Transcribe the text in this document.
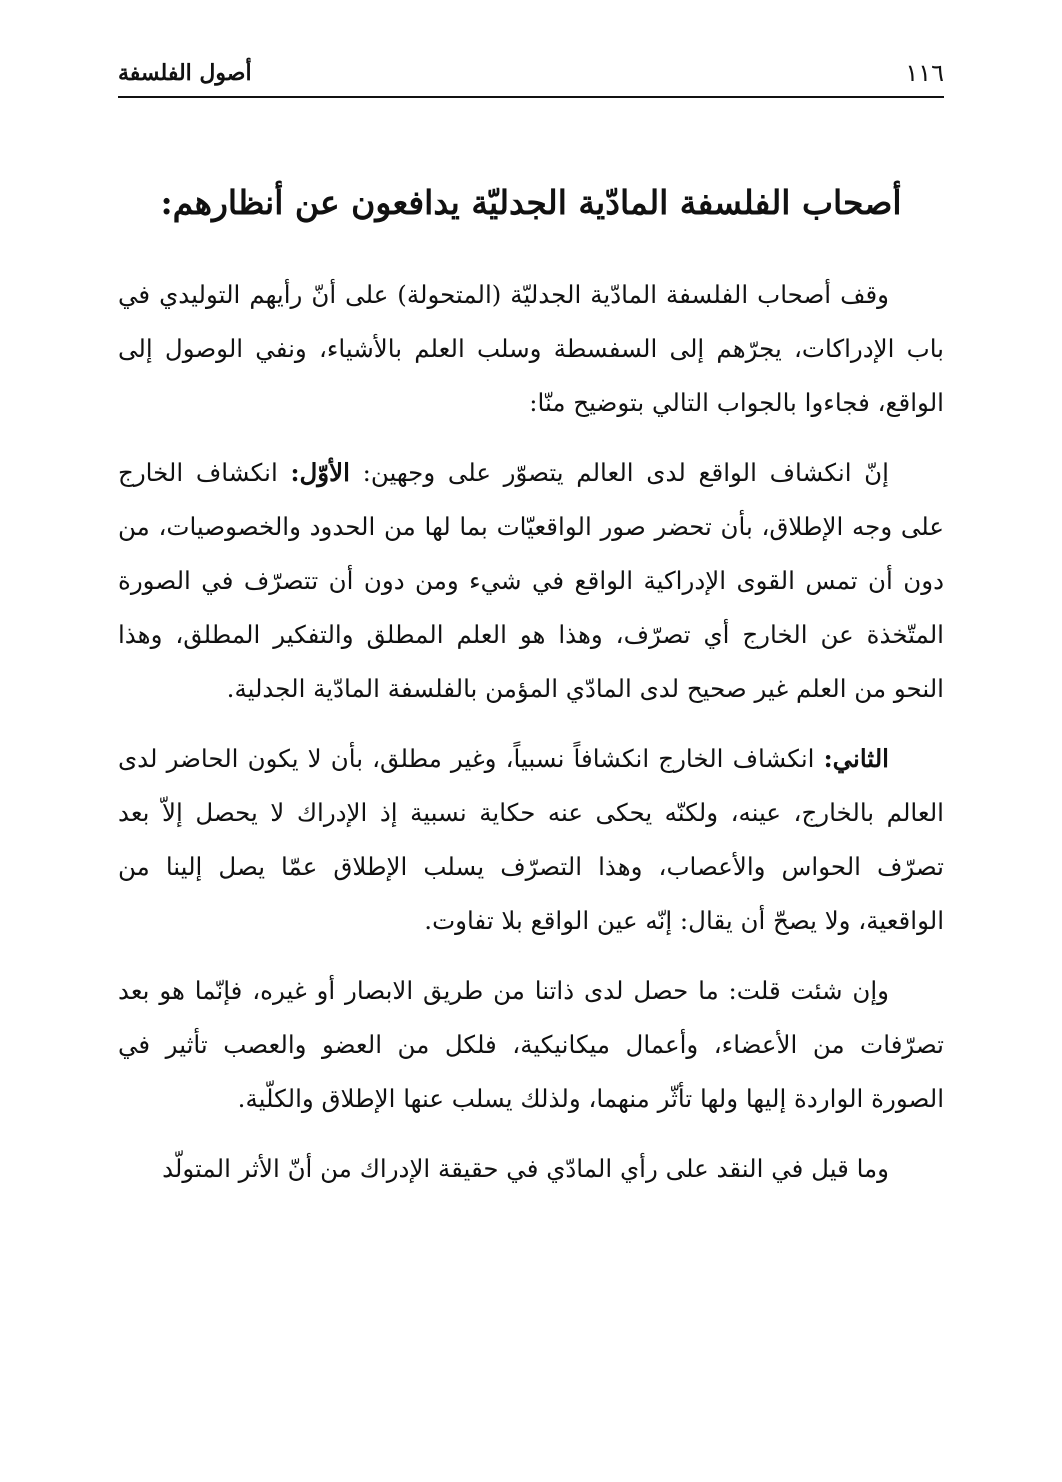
١١٦
أصول الفلسفة
أصحاب الفلسفة المادّية الجدليّة يدافعون عن أنظارهم:

وقف أصحاب الفلسفة المادّية الجدليّة (المتحولة) على أنّ رأيهم التوليدي في باب الإدراكات، يجرّهم إلى السفسطة وسلب العلم بالأشياء، ونفي الوصول إلى الواقع، فجاءوا بالجواب التالي بتوضيح منّا:

إنّ انكشاف الواقع لدى العالم يتصوّر على وجهين: الأوّل: انكشاف الخارج على وجه الإطلاق، بأن تحضر صور الواقعيّات بما لها من الحدود والخصوصيات، من دون أن تمس القوى الإدراكية الواقع في شيء ومن دون أن تتصرّف في الصورة المتّخذة عن الخارج أي تصرّف، وهذا هو العلم المطلق والتفكير المطلق، وهذا النحو من العلم غير صحيح لدى المادّي المؤمن بالفلسفة المادّية الجدلية.

الثاني: انكشاف الخارج انكشافاً نسبياً، وغير مطلق، بأن لا يكون الحاضر لدى العالم بالخارج، عينه، ولكنّه يحكى عنه حكاية نسبية إذ الإدراك لا يحصل إلاّ بعد تصرّف الحواس والأعصاب، وهذا التصرّف يسلب الإطلاق عمّا يصل إلينا من الواقعية، ولا يصحّ أن يقال: إنّه عين الواقع بلا تفاوت.

وإن شئت قلت: ما حصل لدى ذاتنا من طريق الابصار أو غيره، فإنّما هو بعد تصرّفات من الأعضاء، وأعمال ميكانيكية، فلكل من العضو والعصب تأثير في الصورة الواردة إليها ولها تأثّر منهما، ولذلك يسلب عنها الإطلاق والكلّية.

وما قيل في النقد على رأي المادّي في حقيقة الإدراك من أنّ الأثر المتولّد
